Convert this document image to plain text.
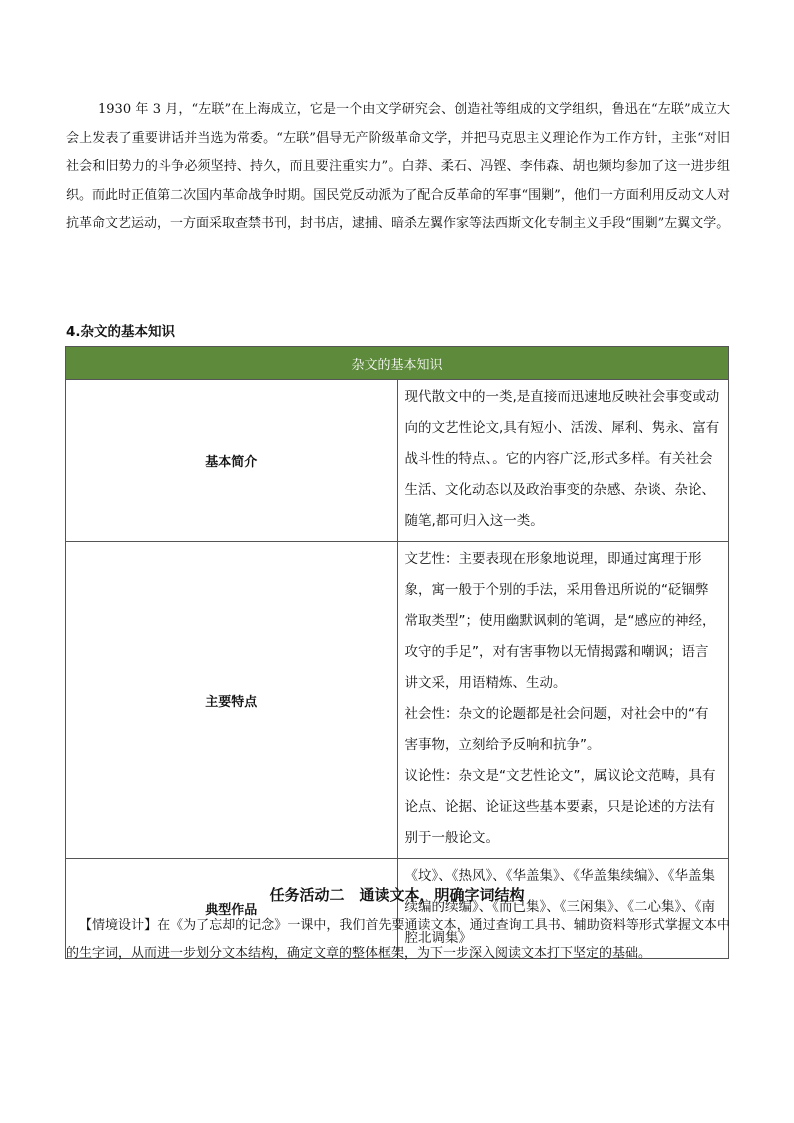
1930 年 3 月，“左联”在上海成立，它是一个由文学研究会、创造社等组成的文学组织，鲁迅在“左联”成立大会上发表了重要讲话并当选为常委。“左联”倡导无产阶级革命文学，并把马克思主义理论作为工作方针，主张“对旧社会和旧势力的斗争必须坚持、持久，而且要注重实力”。白莽、柔石、冯铿、李伟森、胡也频均参加了这一进步组织。而此时正值第二次国内革命战争时期。国民党反动派为了配合反革命的军事“围剿”，他们一方面利用反动文人对抗革命文艺运动，一方面采取查禁书刊，封书店，逮捕、暗杀左翼作家等法西斯文化专制主义手段“围剿”左翼文学。

4.杂文的基本知识

杂文的基本知识	
基本简介	现代散文中的一类,是直接而迅速地反映社会事变或动向的文艺性论文,具有短小、活泼、犀利、隽永、富有战斗性的特点、。它的内容广泛,形式多样。有关社会生活、文化动态以及政治事变的杂感、杂谈、杂论、随笔,都可归入这一类。

主要特点	文艺性：主要表现在形象地说理，即通过寓理于形象，寓一般于个别的手法，采用鲁迅所说的“砭锢弊常取类型”；使用幽默讽刺的笔调，是“感应的神经，攻守的手足”，对有害事物以无情揭露和嘲讽；语言讲文采，用语精炼、生动。

社会性：杂文的论题都是社会问题，对社会中的“有害事物，立刻给予反响和抗争”。

议论性：杂文是“文艺性论文”，属议论文范畴，具有论点、论据、论证这些基本要素，只是论述的方法有别于一般论文。

典型作品	《坟》、《热风》、《华盖集》、《华盖集续编》、《华盖集续编的续编》、《而已集》、《三闲集》、《二心集》、《南腔北调集》

任务活动二　通读文本，明确字词结构

【情境设计】在《为了忘却的记念》一课中，我们首先要通读文本，通过查询工具书、辅助资料等形式掌握文本中的生字词，从而进一步划分文本结构，确定文章的整体框架，为下一步深入阅读文本打下坚定的基础。
